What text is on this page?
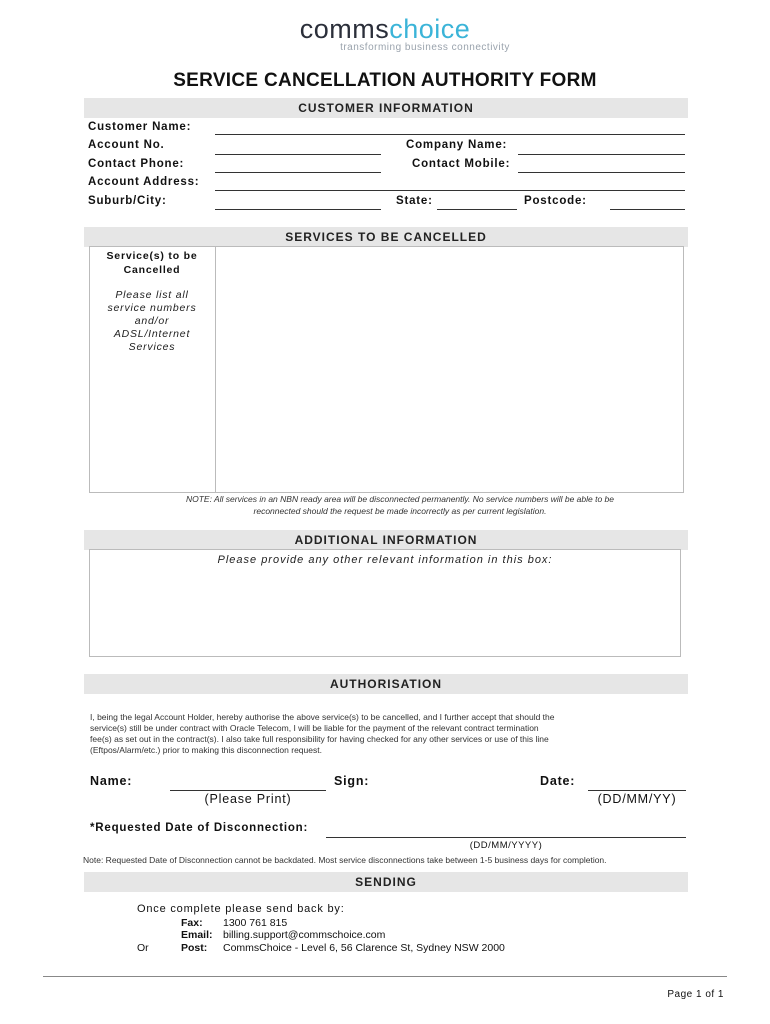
commschoice
transforming business connectivity
SERVICE CANCELLATION AUTHORITY FORM
CUSTOMER INFORMATION
Customer Name:
Account No.	Company Name:
Contact Phone:	Contact Mobile:
Account Address:
Suburb/City:	State:	Postcode:
SERVICES TO BE CANCELLED
Service(s) to be
Cancelled
Please list all
service numbers
and/or
ADSL/Internet
Services
NOTE: All services in an NBN ready area will be disconnected permanently. No service numbers will be able to be
reconnected should the request be made incorrectly as per current legislation.
ADDITIONAL INFORMATION
Please provide any other relevant information in this box:
AUTHORISATION
I, being the legal Account Holder, hereby authorise the above service(s) to be cancelled, and I further accept that should the
service(s) still be under contract with Oracle Telecom, I will be liable for the payment of the relevant contract termination
fee(s) as set out in the contract(s). I also take full responsibility for having checked for any other services or use of this line
(Eftpos/Alarm/etc.) prior to making this disconnection request.
Name:
(Please Print)
Sign:	Date:
(DD/MM/YY)
*Requested Date of Disconnection:
(DD/MM/YYYY)
Note: Requested Date of Disconnection cannot be backdated. Most service disconnections take between 1-5 business days for completion.
SENDING
Once complete please send back by:
Fax: 1300 761 815
Email: billing.support@commschoice.com
Or	Post: CommsChoice - Level 6, 56 Clarence St, Sydney NSW 2000
Page 1 of 1
